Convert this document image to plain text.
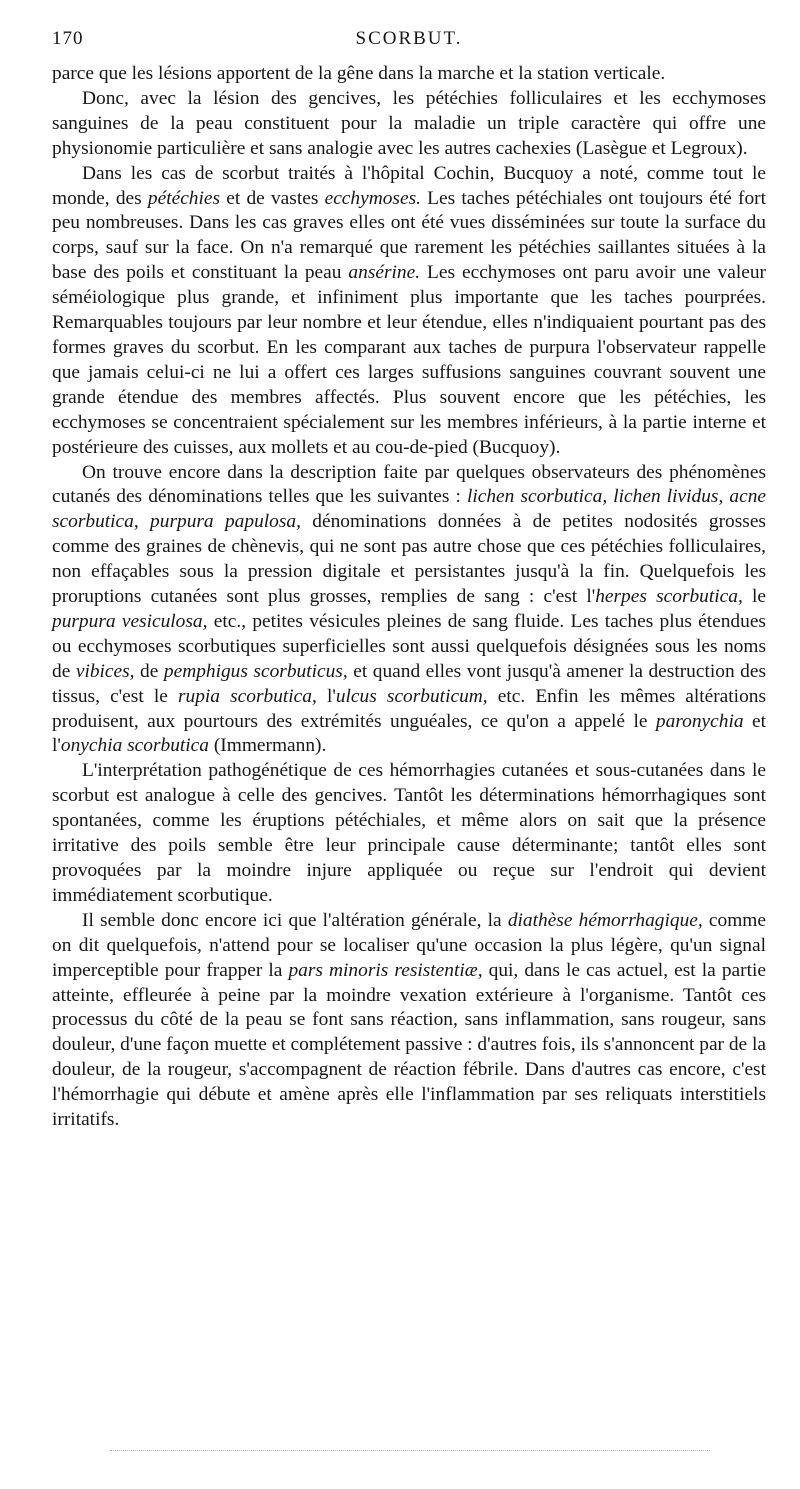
170	SCORBUT.

parce que les lésions apportent de la gêne dans la marche et la station verticale.

Donc, avec la lésion des gencives, les pétéchies folliculaires et les ecchymoses sanguines de la peau constituent pour la maladie un triple caractère qui offre une physionomie particulière et sans analogie avec les autres cachexies (Lasègue et Legroux).

Dans les cas de scorbut traités à l'hôpital Cochin, Bucquoy a noté, comme tout le monde, des pétéchies et de vastes ecchymoses. Les taches pétéchiales ont toujours été fort peu nombreuses. Dans les cas graves elles ont été vues disséminées sur toute la surface du corps, sauf sur la face. On n'a remarqué que rarement les pétéchies saillantes situées à la base des poils et constituant la peau ansérine. Les ecchymoses ont paru avoir une valeur séméiologique plus grande, et infiniment plus importante que les taches pourprées. Remarquables toujours par leur nombre et leur étendue, elles n'indiquaient pourtant pas des formes graves du scorbut. En les comparant aux taches de purpura l'observateur rappelle que jamais celui-ci ne lui a offert ces larges suffusions sanguines couvrant souvent une grande étendue des membres affectés. Plus souvent encore que les pétéchies, les ecchymoses se concentraient spécialement sur les membres inférieurs, à la partie interne et postérieure des cuisses, aux mollets et au cou-de-pied (Bucquoy).

On trouve encore dans la description faite par quelques observateurs des phénomènes cutanés des dénominations telles que les suivantes : lichen scorbutica, lichen lividus, acne scorbutica, purpura papulosa, dénominations données à de petites nodosités grosses comme des graines de chènevis, qui ne sont pas autre chose que ces pétéchies folliculaires, non effaçables sous la pression digitale et persistantes jusqu'à la fin. Quelquefois les proruptions cutanées sont plus grosses, remplies de sang : c'est l'herpes scorbutica, le purpura vesiculosa, etc., petites vésicules pleines de sang fluide. Les taches plus étendues ou ecchymoses scorbutiques superficielles sont aussi quelquefois désignées sous les noms de vibices, de pemphigus scorbuticus, et quand elles vont jusqu'à amener la destruction des tissus, c'est le rupia scorbutica, l'ulcus scorbuticum, etc. Enfin les mêmes altérations produisent, aux pourtours des extrémités unguéales, ce qu'on a appelé le paronychia et l'onychia scorbutica (Immermann).

L'interprétation pathogénétique de ces hémorrhagies cutanées et sous-cutanées dans le scorbut est analogue à celle des gencives. Tantôt les déterminations hémorrhagiques sont spontanées, comme les éruptions pétéchiales, et même alors on sait que la présence irritative des poils semble être leur principale cause déterminante; tantôt elles sont provoquées par la moindre injure appliquée ou reçue sur l'endroit qui devient immédiatement scorbutique.

Il semble donc encore ici que l'altération générale, la diathèse hémorrhagique, comme on dit quelquefois, n'attend pour se localiser qu'une occasion la plus légère, qu'un signal imperceptible pour frapper la pars minoris resistentiæ, qui, dans le cas actuel, est la partie atteinte, effleurée à peine par la moindre vexation extérieure à l'organisme. Tantôt ces processus du côté de la peau se font sans réaction, sans inflammation, sans rougeur, sans douleur, d'une façon muette et complétement passive : d'autres fois, ils s'annoncent par de la douleur, de la rougeur, s'accompagnent de réaction fébrile. Dans d'autres cas encore, c'est l'hémorrhagie qui débute et amène après elle l'inflammation par ses reliquats interstitiels irritatifs.
